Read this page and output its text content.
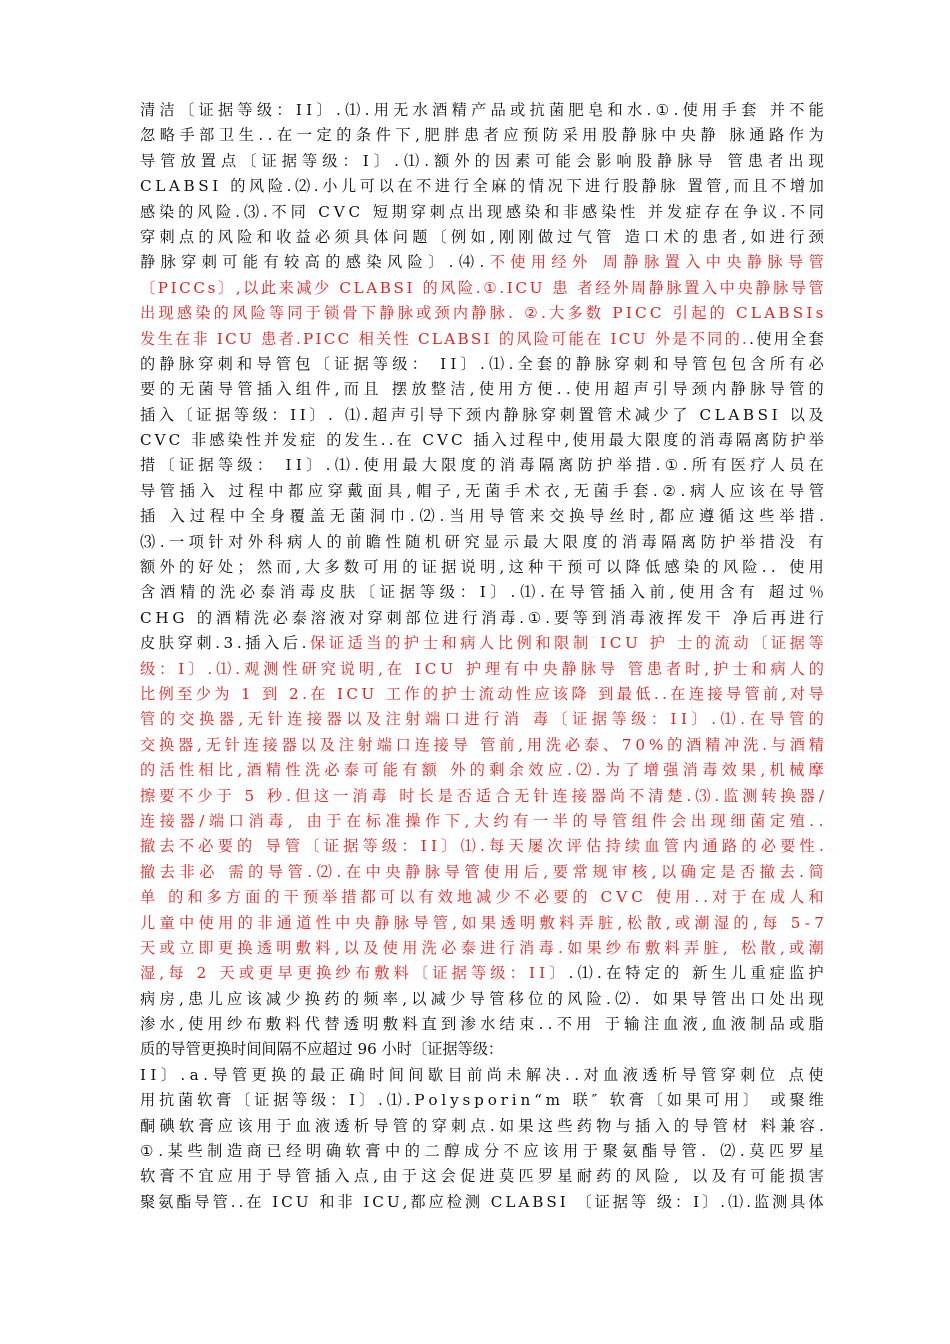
清 洁 〔 证 据 等 级 ： I I 〕 . ⑴ . 用 无 水 酒 精 产 品 或 抗 菌 肥 皂 和 水 . ① . 使 用 手 套
并 不 能
忽 略 手 部 卫 生 . . 在 一 定 的 条 件 下 , 肥 胖 患 者 应 预 防 采 用 股 静 脉 中 央 静
脉 通 路 作 为
导 管 放 置 点 〔 证 据 等 级 ： I 〕 . ⑴ . 额 外 的 因 素 可 能 会 影 响 股 静 脉 导
管 患 者 出 现
C L A B S I
的 风 险 . ⑵ . 小 儿 可 以 在 不 进 行 全 麻 的 情 况 下 进 行 股 静 脉
置 管 , 而 且 不 增 加
感 染 的 风 险 . ⑶ . 不 同
C V C
短 期 穿 刺 点 出 现 感 染 和 非 感 染 性
并 发 症 存 在 争 议 . 不 同
穿 刺 点 的 风 险 和 收 益 必 须 具 体 问 题 〔 例 如 , 刚 刚 做 过 气 管
造 口 术 的 患 者 , 如 进 行 颈
静 脉 穿 刺 可 能 有 较 高 的 感 染 风 险 〕 . ⑷ . 不 使 用 经 外
周 静 脉 置 入 中 央 静 脉 导 管
〔 P I C C s 〕 , 以 此 来 减 少
C L A B S I
的 风 险 . ① . I C U
患
者 经 外 周 静 脉 置 入 中 央 静 脉 导 管
出 现 感 染 的 风 险 等 同 于 锁 骨 下 静 脉 或 颈 内 静 脉 .
② . 大 多 数
P I C C
引 起 的
C L A B S I s
发 生 在 非
I C U
患 者 . P I C C
相 关 性
C L A B S I
的 风 险 可 能 在
I C U
外 是 不 同 的 . . 使 用 全 套
的 静 脉 穿 刺 和 导 管 包 〔 证 据 等 级 ：
I I 〕 . ⑴ . 全 套 的 静 脉 穿 刺 和 导 管 包 包 含 所 有 必
要 的 无 菌 导 管 插 入 组 件 , 而 且
摆 放 整 洁 , 使 用 方 便 . . 使 用 超 声 引 导 颈 内 静 脉 导 管 的
插 入 〔 证 据 等 级 ： I I 〕 .
⑴ . 超 声 引 导 下 颈 内 静 脉 穿 刺 置 管 术 减 少 了
C L A B S I
以 及
C V C
非 感 染 性 并 发 症
的 发 生 . . 在
C V C
插 入 过 程 中 , 使 用 最 大 限 度 的 消 毒 隔 离 防 护 举
措 〔 证 据 等 级 ：
I I 〕 . ⑴ . 使 用 最 大 限 度 的 消 毒 隔 离 防 护 举 措 . ① . 所 有 医 疗 人 员 在
导 管 插 入
过 程 中 都 应 穿 戴 面 具 , 帽 子 , 无 菌 手 术 衣 , 无 菌 手 套 . ② . 病 人 应 该 在 导 管
插
入 过 程 中 全 身 覆 盖 无 菌 洞 巾 . ⑵ . 当 用 导 管 来 交 换 导 丝 时 , 都 应 遵 循 这 些 举 措 .
⑶ . 一 项 针 对 外 科 病 人 的 前 瞻 性 随 机 研 究 显 示 最 大 限 度 的 消 毒 隔 离 防 护 举 措 没
有
额 外 的 好 处 ； 然 而 , 大 多 数 可 用 的 证 据 说 明 , 这 种 干 预 可 以 降 低 感 染 的 风 险 . .
使 用
含 酒 精 的 洗 必 泰 消 毒 皮 肤 〔 证 据 等 级 ： I 〕 . ⑴ . 在 导 管 插 入 前 , 使 用 含 有
超 过 ％
C H G
的 酒 精 洗 必 泰 溶 液 对 穿 刺 部 位 进 行 消 毒 . ① . 要 等 到 消 毒 液 挥 发 干
净 后 再 进 行
皮 肤 穿 刺 . 3 . 插 入 后 . 保 证 适 当 的 护 士 和 病 人 比 例 和 限 制
I C U
护
士 的 流 动 〔 证 据 等
级 ： I 〕 . ⑴ . 观 测 性 研 究 说 明 , 在
I C U
护 理 有 中 央 静 脉 导
管 患 者 时 , 护 士 和 病 人 的
比 例 至 少 为
1
到
2 . 在
I C U
工 作 的 护 士 流 动 性 应 该 降
到 最 低 . . 在 连 接 导 管 前 , 对 导
管 的 交 换 器 , 无 针 连 接 器 以 及 注 射 端 口 进 行 消
毒 〔 证 据 等 级 ： I I 〕 . ⑴ . 在 导 管 的
交 换 器 , 无 针 连 接 器 以 及 注 射 端 口 连 接 导
管 前 , 用 洗 必 泰 、 7 0 % 的 酒 精 冲 洗 . 与 酒 精
的 活 性 相 比 , 酒 精 性 洗 必 泰 可 能 有 额
外 的 剩 余 效 应 . ⑵ . 为 了 增 强 消 毒 效 果 , 机 械 摩
擦 要 不 少 于
5
秒 . 但 这 一 消 毒
时 长 是 否 适 合 无 针 连 接 器 尚 不 清 楚 . ⑶ . 监 测 转 换 器 /
连 接 器 / 端 口 消 毒 ,
由 于 在 标 准 操 作 下 , 大 约 有 一 半 的 导 管 组 件 会 出 现 细 菌 定 殖 . .
撤 去 不 必 要 的
导 管 〔 证 据 等 级 ： I I 〕 ⑴ . 每 天 屡 次 评 估 持 续 血 管 内 通 路 的 必 要 性 .
撤 去 非 必
需 的 导 管 . ⑵ . 在 中 央 静 脉 导 管 使 用 后 , 要 常 规 审 核 , 以 确 定 是 否 撤 去 . 简
单
的 和 多 方 面 的 干 预 举 措 都 可 以 有 效 地 减 少 不 必 要 的
C V C
使 用 . . 对 于 在 成 人 和
儿 童 中 使 用 的 非 通 道 性 中 央 静 脉 导 管 , 如 果 透 明 敷 料 弄 脏 , 松 散 , 或 潮 湿 的 , 每
5 - 7
天 或 立 即 更 换 透 明 敷 料 , 以 及 使 用 洗 必 泰 进 行 消 毒 . 如 果 纱 布 敷 料 弄 脏 ,
松 散 , 或 潮
湿 , 每
2
天 或 更 早 更 换 纱 布 敷 料 〔 证 据 等 级 ： I I 〕 . ⑴ . 在 特 定 的
新 生 儿 重 症 监 护
病 房 , 患 儿 应 该 减 少 换 药 的 频 率 , 以 减 少 导 管 移 位 的 风 险 . ⑵ .
如 果 导 管 出 口 处 出 现
渗 水 , 使 用 纱 布 敷 料 代 替 透 明 敷 料 直 到 渗 水 结 束 . . 不 用
于 输 注 血 液 , 血 液 制 品 或 脂
质的导管更换时间间隔不应超过 96 小时〔证据等级：
I I 〕 . a . 导 管 更 换 的 最 正 确 时 间 间 歇 目 前 尚 未 解 决 . . 对 血 液 透 析 导 管 穿 刺 位
点 使
用 抗 菌 软 膏 〔 证 据 等 级 ： I 〕 . ⑴ . P o l y s p o r i n “ m
联 ″
软 膏 〔 如 果 可 用 〕
或 聚 维
酮 碘 软 膏 应 该 用 于 血 液 透 析 导 管 的 穿 刺 点 . 如 果 这 些 药 物 与 插 入 的 导 管 材
料 兼 容 .
① . 某 些 制 造 商 已 经 明 确 软 膏 中 的 二 醇 成 分 不 应 该 用 于 聚 氨 酯 导 管 .
⑵ . 莫 匹 罗 星
软 膏 不 宜 应 用 于 导 管 插 入 点 , 由 于 这 会 促 进 莫 匹 罗 星 耐 药 的 风 险 ,
以 及 有 可 能 损 害
聚 氨 酯 导 管 . . 在
I C U
和 非
I C U , 都 应 检 测
C L A B S I
〔 证 据 等
级 ： I 〕 . ⑴ . 监 测 具 体
